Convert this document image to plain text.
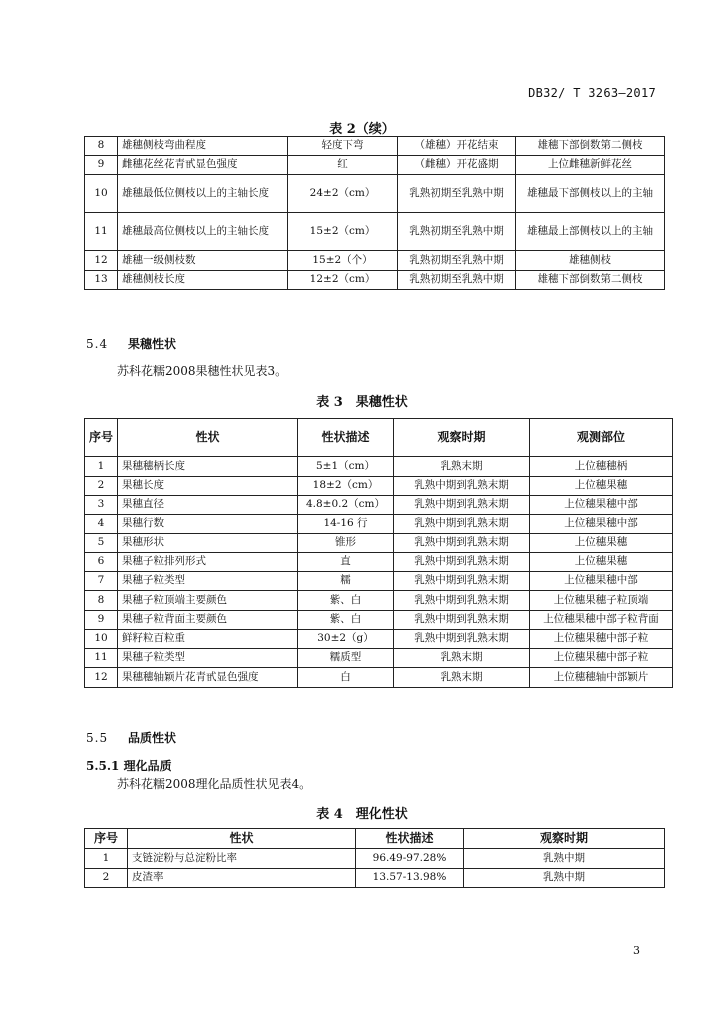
DB32/ T 3263—2017
表 2（续）
8	雄穗侧枝弯曲程度	轻度下弯	（雄穗）开花结束	雄穗下部倒数第二侧枝
9	雌穗花丝花青甙显色强度	红	（雌穗）开花盛期	上位雌穗新鲜花丝
10	雄穗最低位侧枝以上的主轴长度	24±2（cm）	乳熟初期至乳熟中期	雄穗最下部侧枝以上的主轴
11	雄穗最高位侧枝以上的主轴长度	15±2（cm）	乳熟初期至乳熟中期	雄穗最上部侧枝以上的主轴
12	雄穗一级侧枝数	15±2（个）	乳熟初期至乳熟中期	雄穗侧枝
13	雄穗侧枝长度	12±2（cm）	乳熟初期至乳熟中期	雄穗下部倒数第二侧枝
5.4 果穗性状
苏科花糯2008果穗性状见表3。
表 3　果穗性状
序号	性状	性状描述	观察时期	观测部位
1	果穗穗柄长度	5±1（cm）	乳熟末期	上位穗穗柄
2	果穗长度	18±2（cm）	乳熟中期到乳熟末期	上位穗果穗
3	果穗直径	4.8±0.2（cm）	乳熟中期到乳熟末期	上位穗果穗中部
4	果穗行数	14-16 行	乳熟中期到乳熟末期	上位穗果穗中部
5	果穗形状	锥形	乳熟中期到乳熟末期	上位穗果穗
6	果穗子粒排列形式	直	乳熟中期到乳熟末期	上位穗果穗
7	果穗子粒类型	糯	乳熟中期到乳熟末期	上位穗果穗中部
8	果穗子粒顶端主要颜色	紫、白	乳熟中期到乳熟末期	上位穗果穗子粒顶端
9	果穗子粒背面主要颜色	紫、白	乳熟中期到乳熟末期	上位穗果穗中部子粒背面
10	鲜籽粒百粒重	30±2（g）	乳熟中期到乳熟末期	上位穗果穗中部子粒
11	果穗子粒类型	糯质型	乳熟末期	上位穗果穗中部子粒
12	果穗穗轴颖片花青甙显色强度	白	乳熟末期	上位穗穗轴中部颖片
5.5 品质性状
5.5.1 理化品质
苏科花糯2008理化品质性状见表4。
表 4　理化性状
序号	性状	性状描述	观察时期
1	支链淀粉与总淀粉比率	96.49-97.28%	乳熟中期
2	皮渣率	13.57-13.98%	乳熟中期
3
